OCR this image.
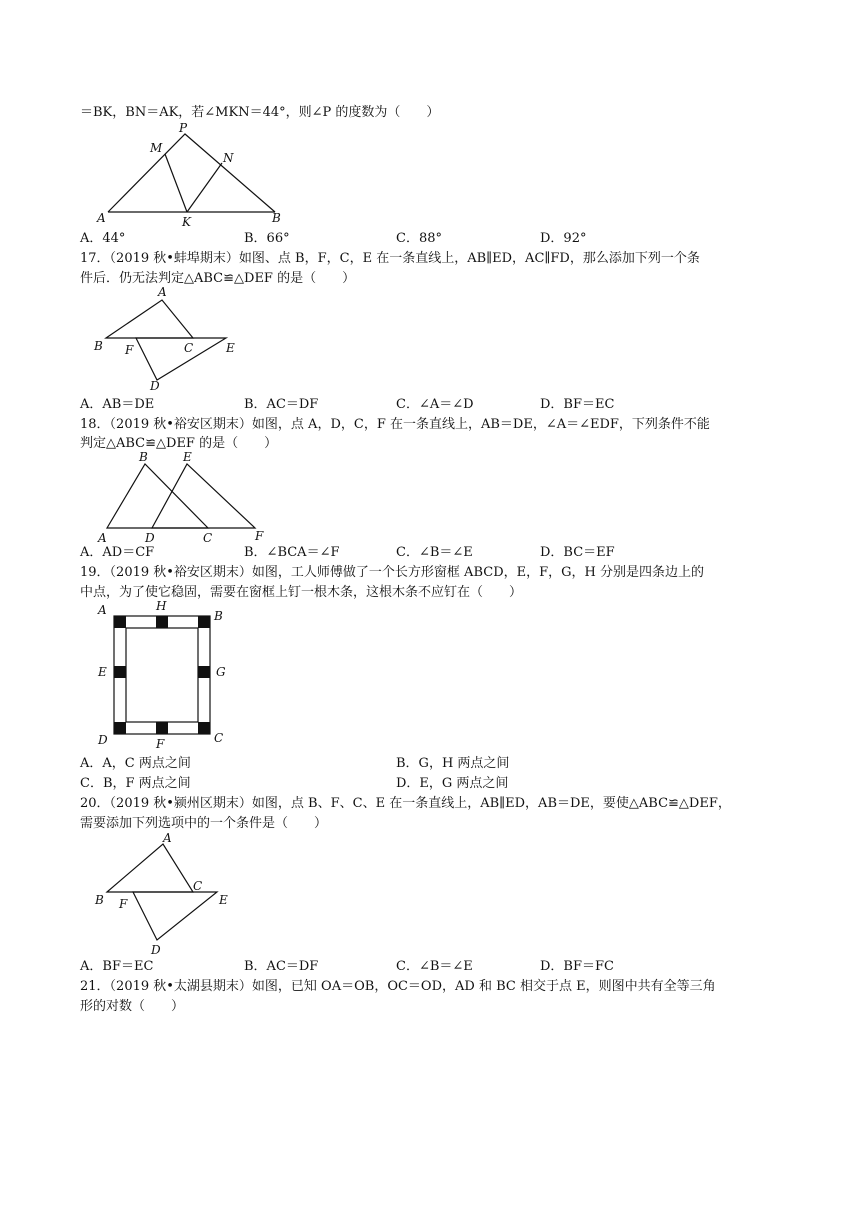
＝BK，BN＝AK，若∠MKN＝44°，则∠P 的度数为（　　）
P
M
N
A	K	B
A．44°	B．66°	C．88°	D．92°
17．（2019 秋•蚌埠期末）如图、点 B，F，C，E 在一条直线上，AB∥ED，AC∥FD，那么添加下列一个条
件后．仍无法判定△ABC≌△DEF 的是（　　）
A
B F	C	E
D
A．AB＝DE	B．AC＝DF	C．∠A＝∠D	D．BF＝EC
18．（2019 秋•裕安区期末）如图，点 A，D，C，F 在一条直线上，AB＝DE，∠A＝∠EDF，下列条件不能
判定△ABC≌△DEF 的是（　　）
B	E
A	D	C	F
A．AD＝CF	B．∠BCA＝∠F	C．∠B＝∠E	D．BC＝EF
19．（2019 秋•裕安区期末）如图，工人师傅做了一个长方形窗框 ABCD，E，F，G，H 分别是四条边上的
中点，为了使它稳固，需要在窗框上钉一根木条，这根木条不应钉在（　　）
A	H
B
E	G
D	F	C
A．A，C 两点之间	B．G，H 两点之间
C．B，F 两点之间	D．E，G 两点之间
20．（2019 秋•颍州区期末）如图，点 B、F、C、E 在一条直线上，AB∥ED，AB＝DE，要使△ABC≌△DEF，
需要添加下列选项中的一个条件是（　　）
A
C
B F	E
D
A．BF＝EC	B．AC＝DF	C．∠B＝∠E	D．BF＝FC
21．（2019 秋•太湖县期末）如图，已知 OA＝OB，OC＝OD，AD 和 BC 相交于点 E，则图中共有全等三角
形的对数（　　）
